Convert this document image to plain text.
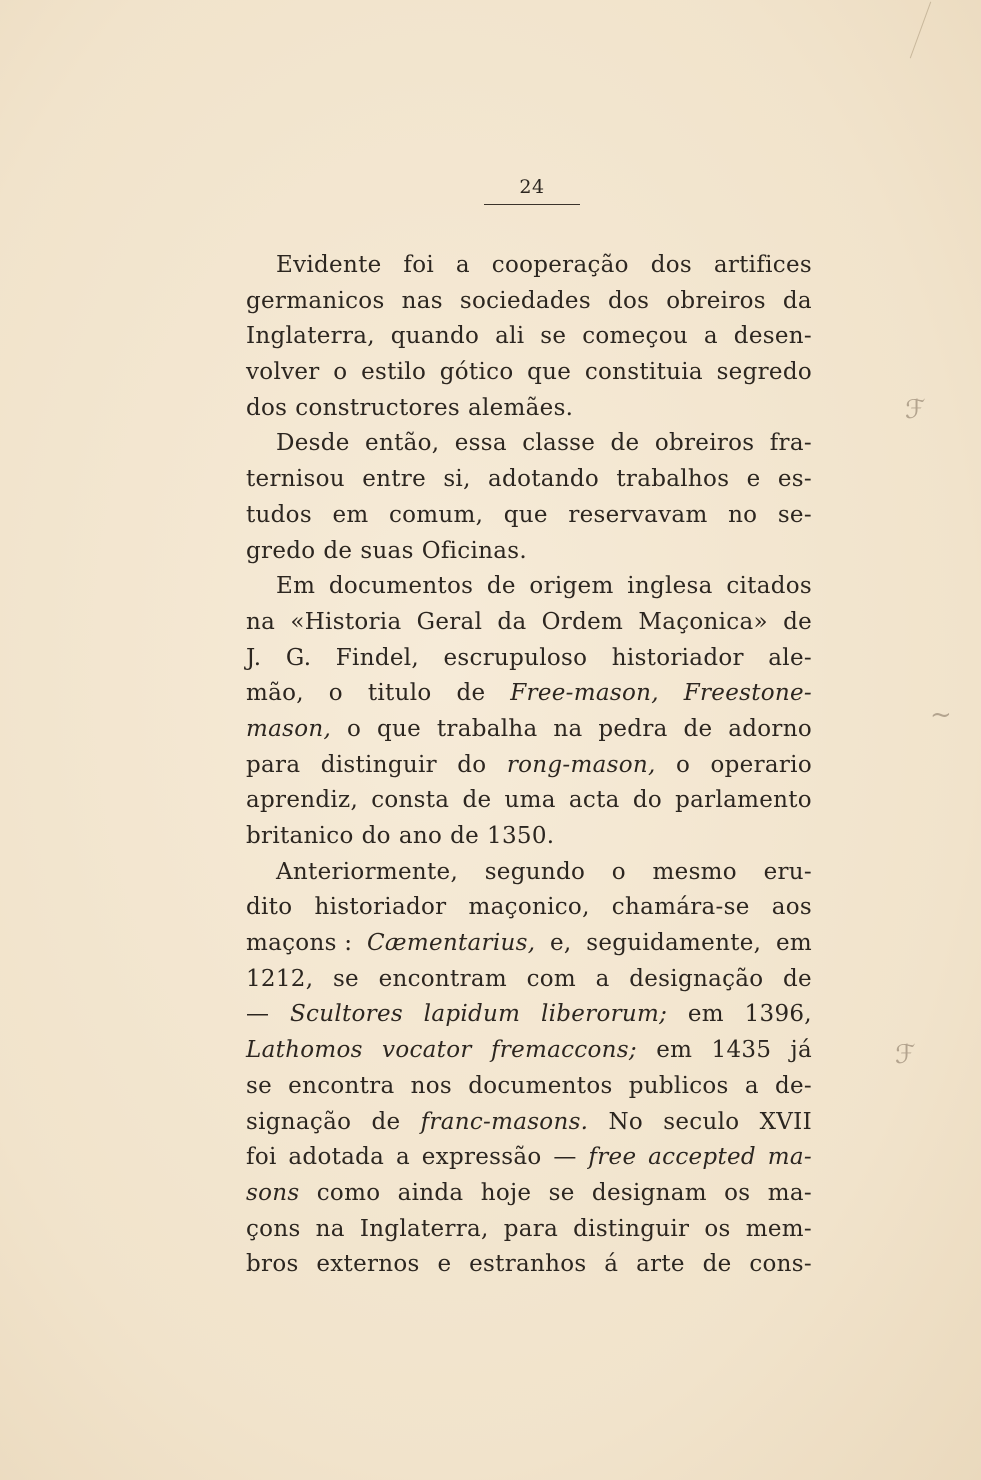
24
Evidente foi a cooperação dos artifices
germanicos nas sociedades dos obreiros da
Inglaterra, quando ali se começou a desen-
volver o estilo gótico que constituia segredo
dos constructores alemães.
Desde então, essa classe de obreiros fra-
ternisou entre si, adotando trabalhos e es-
tudos em comum, que reservavam no se-
gredo de suas Oficinas.
Em documentos de origem inglesa citados
na «Historia Geral da Ordem Maçonica» de
J. G. Findel, escrupuloso historiador ale-
mão, o titulo de Free-mason, Freestone-
mason, o que trabalha na pedra de adorno
para distinguir do rong-mason, o operario
aprendiz, consta de uma acta do parlamento
britanico do ano de 1350.
Anteriormente, segundo o mesmo eru-
dito historiador maçonico, chamára-se aos
maçons : Cæmentarius, e, seguidamente, em
1212, se encontram com a designação de
— Scultores lapidum liberorum; em 1396,
Lathomos vocator fremaccons; em 1435 já
se encontra nos documentos publicos a de-
signação de franc-masons. No seculo XVII
foi adotada a expressão — free accepted ma-
sons como ainda hoje se designam os ma-
çons na Inglaterra, para distinguir os mem-
bros externos e estranhos á arte de cons-
ℱ
~
ℱ
